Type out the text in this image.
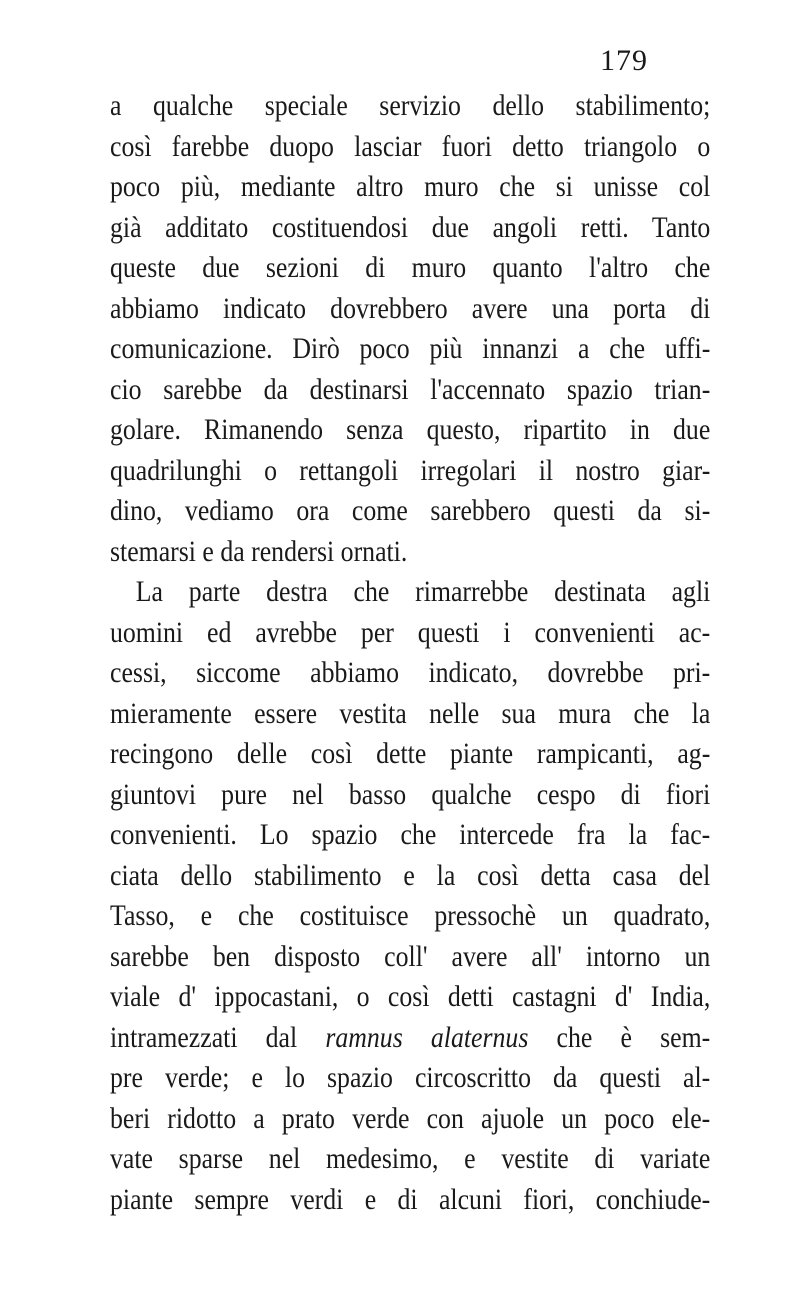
179
a qualche speciale servizio dello stabilimento;
così farebbe duopo lasciar fuori detto triangolo o
poco più, mediante altro muro che si unisse col
già additato costituendosi due angoli retti. Tanto
queste due sezioni di muro quanto l'altro che
abbiamo indicato dovrebbero avere una porta di
comunicazione. Dirò poco più innanzi a che uffi-
cio sarebbe da destinarsi l'accennato spazio trian-
golare. Rimanendo senza questo, ripartito in due
quadrilunghi o rettangoli irregolari il nostro giar-
dino, vediamo ora come sarebbero questi da si-
stemarsi e da rendersi ornati.
La parte destra che rimarrebbe destinata agli
uomini ed avrebbe per questi i convenienti ac-
cessi, siccome abbiamo indicato, dovrebbe pri-
mieramente essere vestita nelle sua mura che la
recingono delle così dette piante rampicanti, ag-
giuntovi pure nel basso qualche cespo di fiori
convenienti. Lo spazio che intercede fra la fac-
ciata dello stabilimento e la così detta casa del
Tasso, e che costituisce pressochè un quadrato,
sarebbe ben disposto coll' avere all' intorno un
viale d' ippocastani, o così detti castagni d' India,
intramezzati dal ramnus alaternus che è sem-
pre verde; e lo spazio circoscritto da questi al-
beri ridotto a prato verde con ajuole un poco ele-
vate sparse nel medesimo, e vestite di variate
piante sempre verdi e di alcuni fiori, conchiude-
